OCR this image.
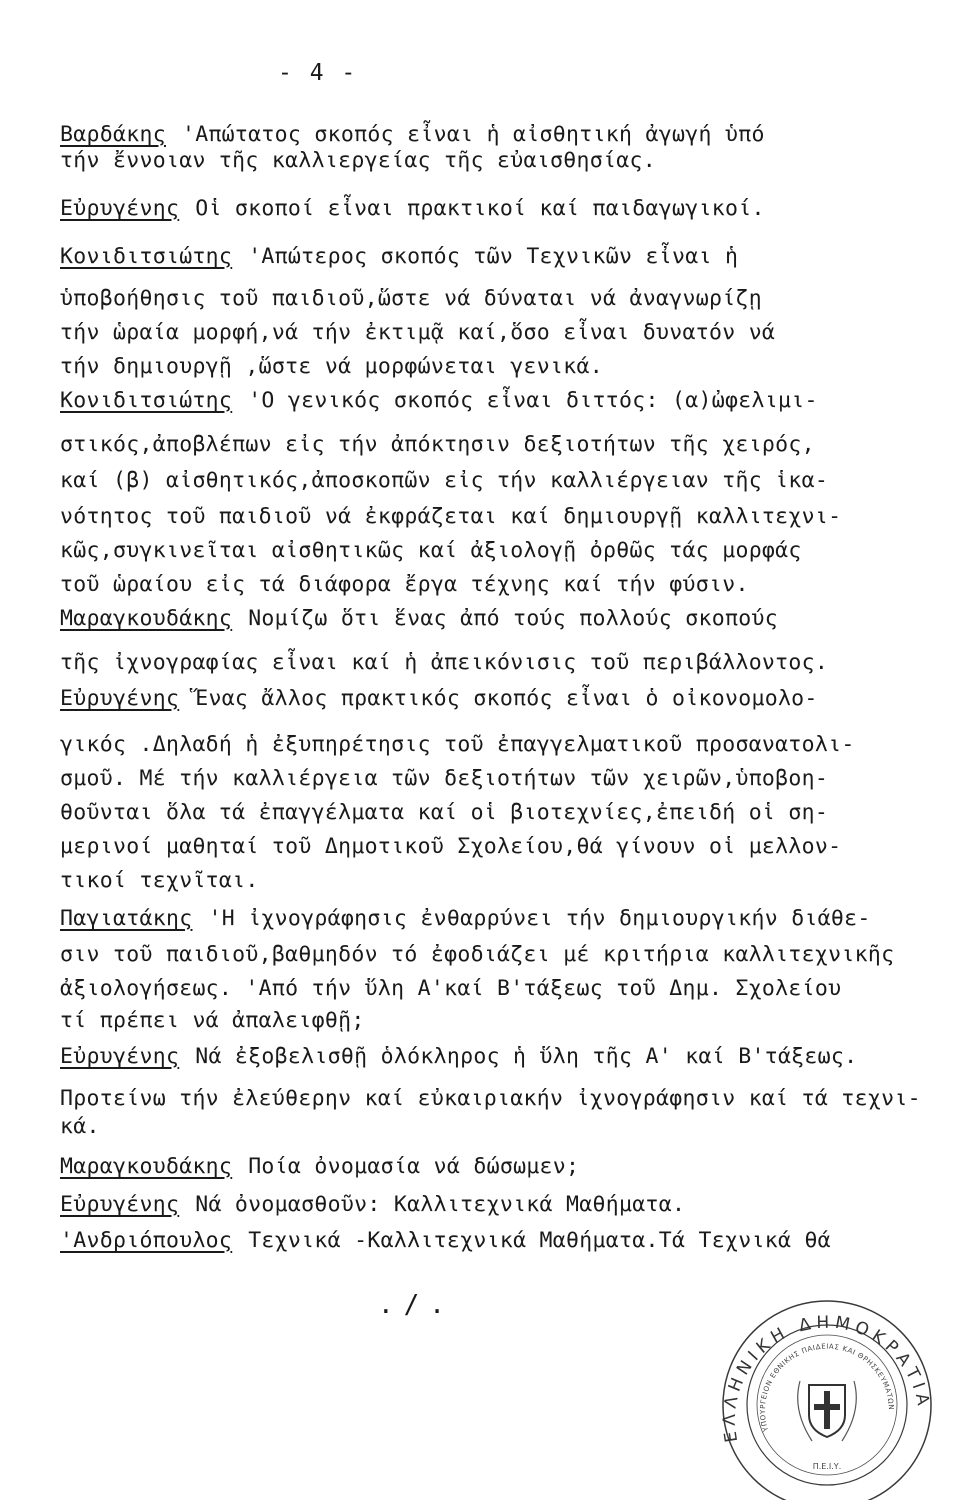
- 4 -
Βαρδάκης 'Απώτατος σκοπός εἶναι ἡ αἰσθητική ἀγωγή ὑπό
τήν ἔννοιαν τῆς καλλιεργείας τῆς εὐαισθησίας.
Εὐρυγένης Οἱ σκοποί εἶναι πρακτικοί καί παιδαγωγικοί.
Κονιδιτσιώτης 'Απώτερος σκοπός τῶν Τεχνικῶν εἶναι ἡ
ὑποβοήθησις τοῦ παιδιοῦ,ὥστε νά δύναται νά ἀναγνωρίζῃ
τήν ὡραία μορφή,νά τήν ἐκτιμᾷ καί,ὅσο εἶναι δυνατόν νά
τήν δημιουργῇ ,ὥστε νά μορφώνεται γενικά.
Κονιδιτσιώτης 'Ο γενικός σκοπός εἶναι διττός: (α)ὠφελιμι-
στικός,ἀποβλέπων εἰς τήν ἀπόκτησιν δεξιοτήτων τῆς χειρός,
καί (β) αἰσθητικός,ἀποσκοπῶν εἰς τήν καλλιέργειαν τῆς ἱκα-
νότητος τοῦ παιδιοῦ νά ἐκφράζεται καί δημιουργῇ καλλιτεχνι-
κῶς,συγκινεῖται αἰσθητικῶς καί ἀξιολογῇ ὀρθῶς τάς μορφάς
τοῦ ὡραίου εἰς τά διάφορα ἔργα τέχνης καί τήν φύσιν.
Μαραγκουδάκης Νομίζω ὅτι ἕνας ἀπό τούς πολλούς σκοπούς
τῆς ἰχνογραφίας εἶναι καί ἡ ἀπεικόνισις τοῦ περιβάλλοντος.
Εὐρυγένης Ἕνας ἄλλος πρακτικός σκοπός εἶναι ὁ οἰκονομολο-
γικός .Δηλαδή ἡ ἐξυπηρέτησις τοῦ ἐπαγγελματικοῦ προσανατολι-
σμοῦ. Μέ τήν καλλιέργεια τῶν δεξιοτήτων τῶν χειρῶν,ὑποβοη-
θοῦνται ὅλα τά ἐπαγγέλματα καί οἱ βιοτεχνίες,ἐπειδή οἱ ση-
μερινοί μαθηταί τοῦ Δημοτικοῦ Σχολείου,θά γίνουν οἱ μελλον-
τικοί τεχνῖται.
Παγιατάκης 'Η ἰχνογράφησις ἐνθαρρύνει τήν δημιουργικήν διάθε-
σιν τοῦ παιδιοῦ,βαθμηδόν τό ἐφοδιάζει μέ κριτήρια καλλιτεχνικῆς
ἀξιολογήσεως. 'Από τήν ὕλη Α'καί Β'τάξεως τοῦ Δημ. Σχολείου
τί πρέπει νά ἀπαλειφθῇ;
Εὐρυγένης Νά ἐξοβελισθῇ ὁλόκληρος ἡ ὕλη τῆς Α' καί Β'τάξεως.
Προτείνω τήν ἐλεύθερην καί εὐκαιριακήν ἰχνογράφησιν καί τά τεχνι-
κά.
Μαραγκουδάκης Ποία ὀνομασία νά δώσωμεν;
Εὐρυγένης Νά ὀνομασθοῦν: Καλλιτεχνικά Μαθήματα.
'Ανδριόπουλος Τεχνικά -Καλλιτεχνικά Μαθήματα.Τά Τεχνικά θά
./.
ΕΛΛΗΝΙΚΗ ΔΗΜΟΚΡΑΤΙΑ
ΥΠΟΥΡΓΕΙΟΝ ΕΘΝΙΚΗΣ ΠΑΙΔΕΙΑΣ ΚΑΙ ΘΡΗΣΚΕΥΜΑΤΩΝ
Π.Ε.Ι.Υ.
